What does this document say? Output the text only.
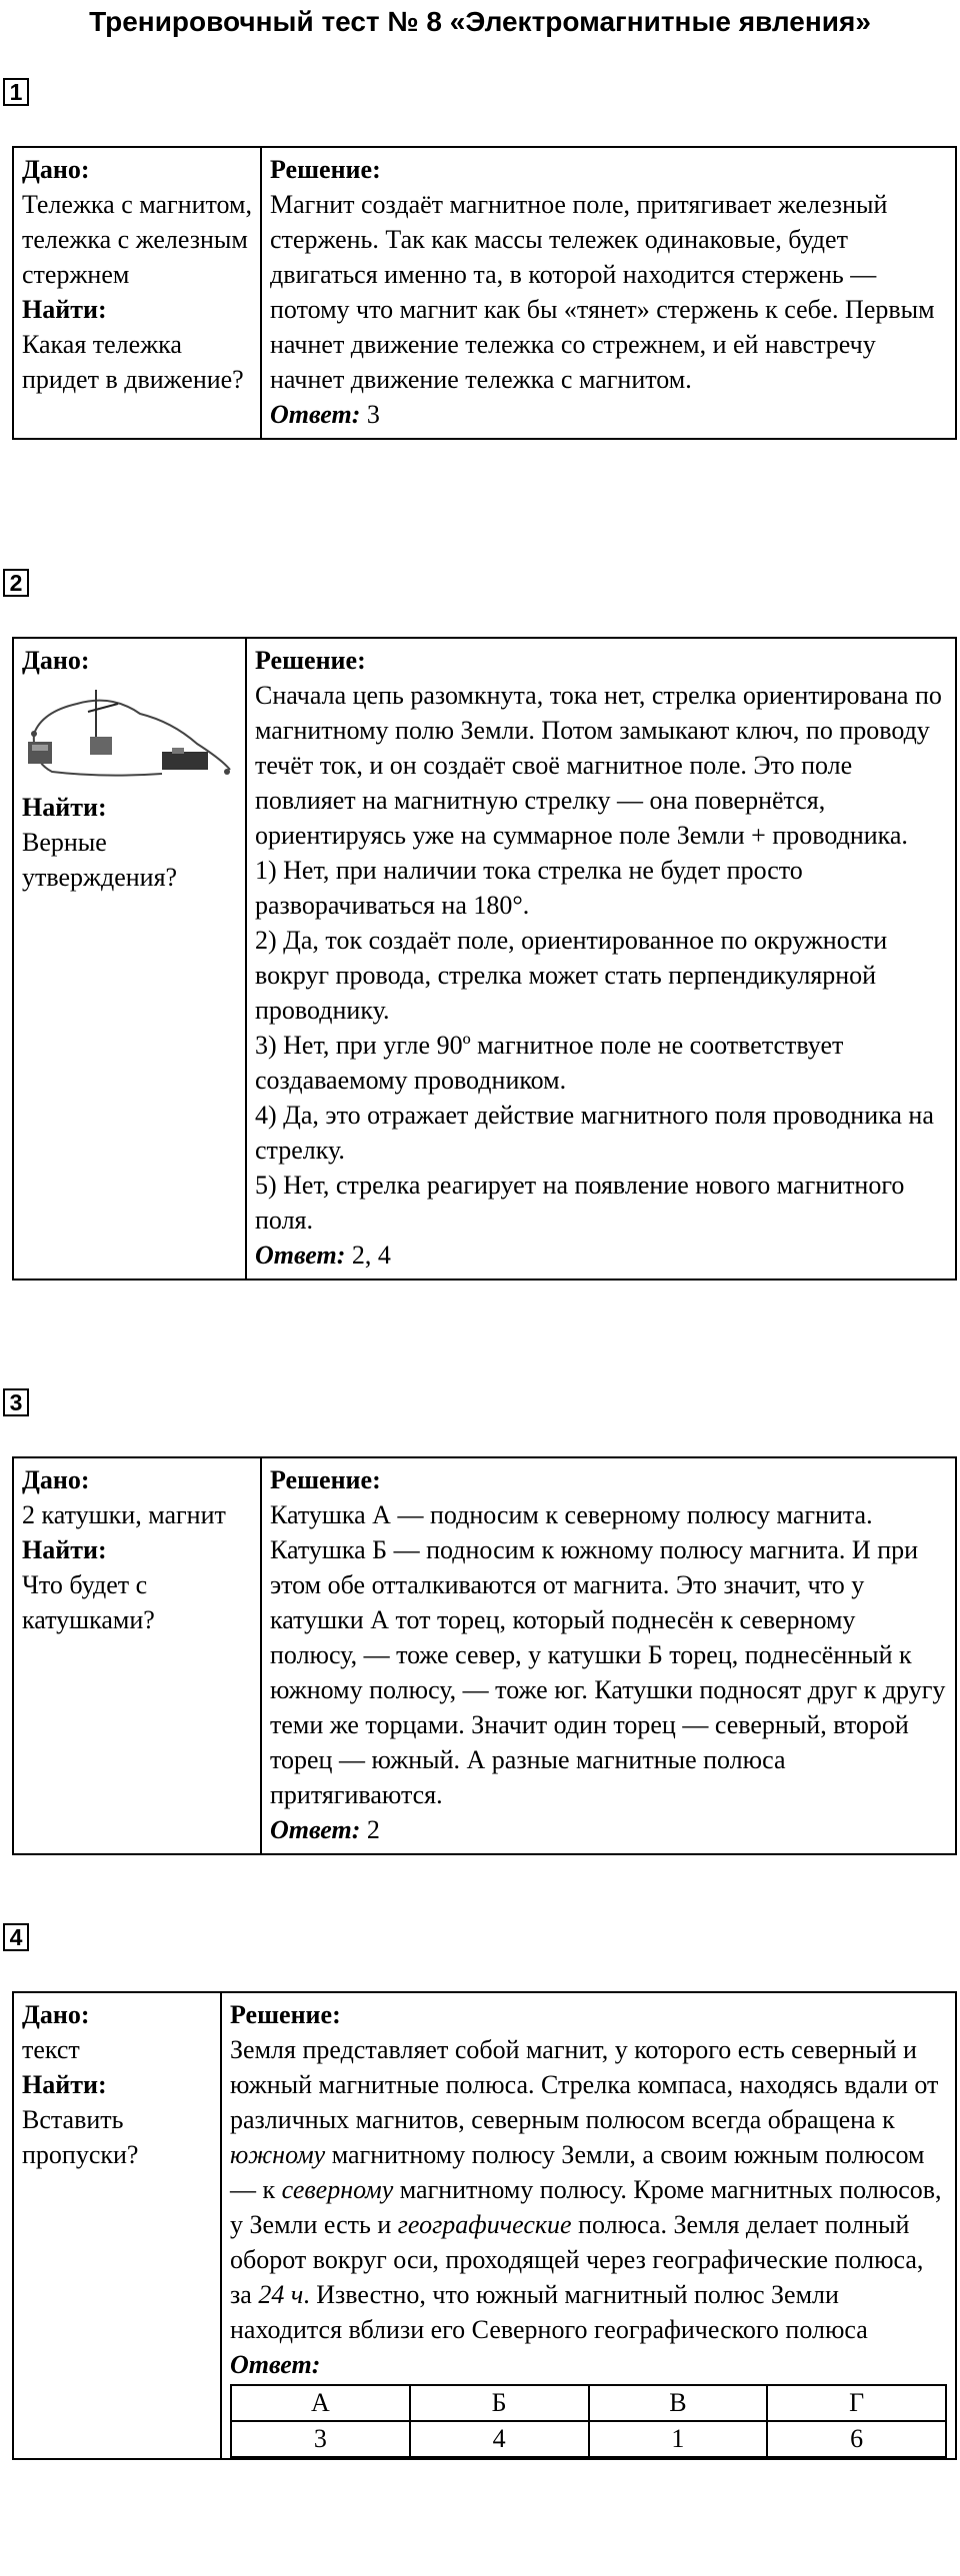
Тренировочный тест № 8 «Электромагнитные явления»
1
Дано:
Тележка с магнитом, тележка с железным стержнем
Найти:
Какая тележка придет в движение?

Решение:
Магнит создаёт магнитное поле, притягивает железный стержень. Так как массы тележек одинаковые, будет двигаться именно та, в которой находится стержень — потому что магнит как бы «тянет» стержень к себе. Первым начнет движение тележка со стрежнем, и ей навстречу начнет движение тележка с магнитом.
Ответ: 3
2
Дано:
Найти:
Верные утверждения?

Решение:
Сначала цепь разомкнута, тока нет, стрелка ориентирована по магнитному полю Земли. Потом замыкают ключ, по проводу течёт ток, и он создаёт своё магнитное поле. Это поле повлияет на магнитную стрелку — она повернётся, ориентируясь уже на суммарное поле Земли + проводника.
1) Нет, при наличии тока стрелка не будет просто разворачиваться на 180°.
2) Да, ток создаёт поле, ориентированное по окружности вокруг провода, стрелка может стать перпендикулярной проводнику.
3) Нет, при угле 90º магнитное поле не соответствует создаваемому проводником.
4) Да, это отражает действие магнитного поля проводника на стрелку.
5) Нет, стрелка реагирует на появление нового магнитного поля.
Ответ: 2, 4
3
Дано:
2 катушки, магнит
Найти:
Что будет с катушками?

Решение:
Катушка А — подносим к северному полюсу магнита. Катушка Б — подносим к южному полюсу магнита. И при этом обе отталкиваются от магнита. Это значит, что у катушки А тот торец, который поднесён к северному полюсу, — тоже север, у катушки Б торец, поднесённый к южному полюсу, — тоже юг. Катушки подносят друг к другу теми же торцами. Значит один торец — северный, второй торец — южный. А разные магнитные полюса притягиваются.
Ответ: 2
4
Дано:
текст
Найти:
Вставить пропуски?

Решение:
Земля представляет собой магнит, у которого есть северный и южный магнитные полюса. Стрелка компаса, находясь вдали от различных магнитов, северным полюсом всегда обращена к южному магнитному полюсу Земли, а своим южным полюсом — к северному магнитному полюсу. Кроме магнитных полюсов, у Земли есть и географические полюса. Земля делает полный оборот вокруг оси, проходящей через географические полюса, за 24 ч. Известно, что южный магнитный полюс Земли находится вблизи его Северного географического полюса
Ответ:
А	Б	В	Г
3	4	1	6
